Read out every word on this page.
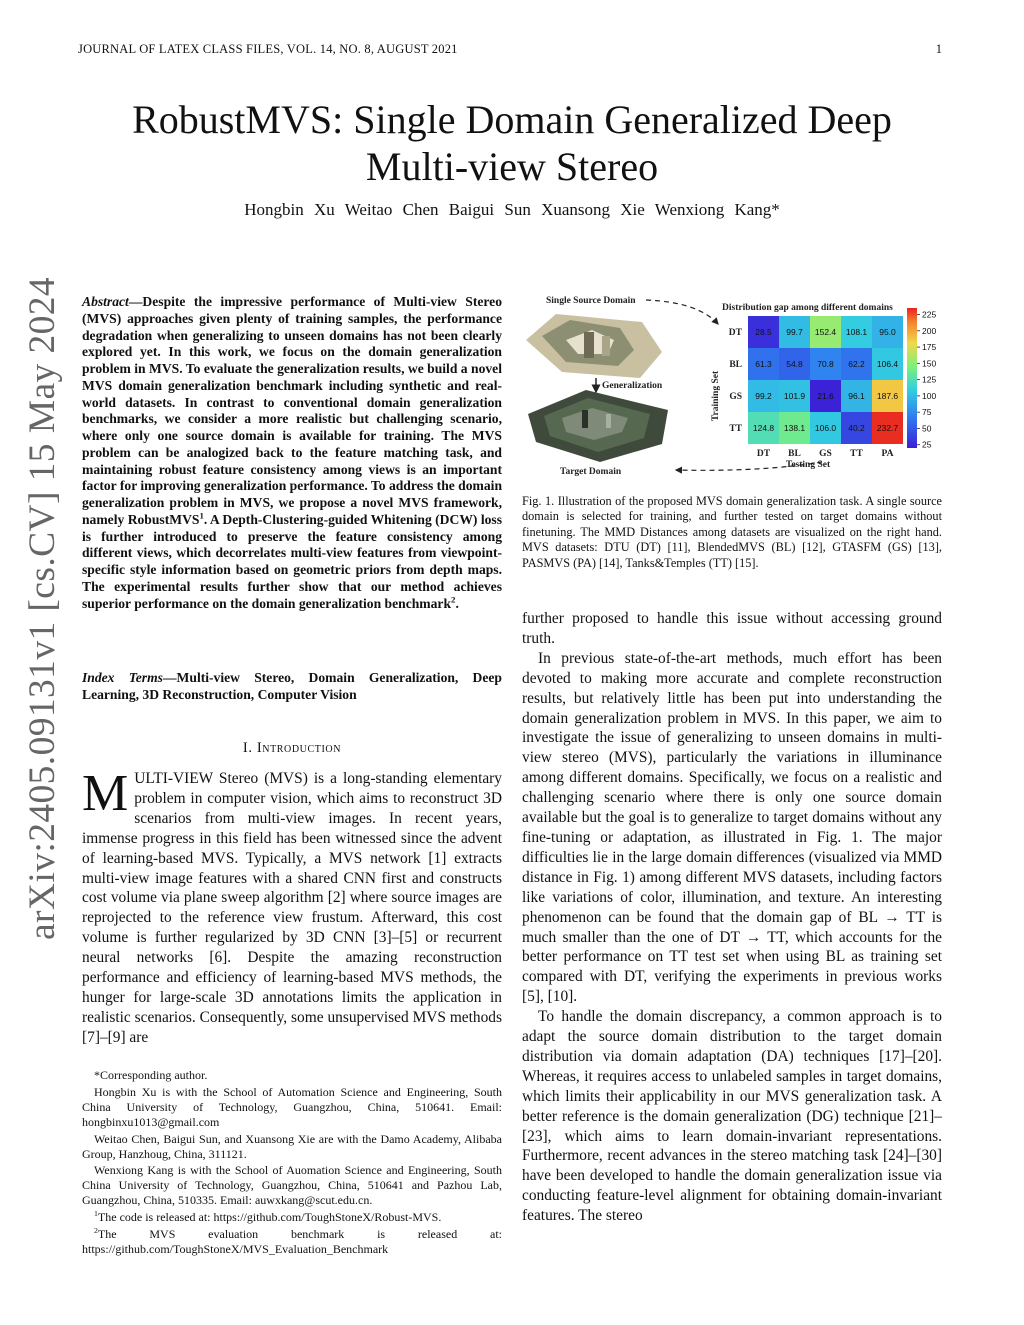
JOURNAL OF LATEX CLASS FILES, VOL. 14, NO. 8, AUGUST 2021	1
RobustMVS: Single Domain Generalized Deep
Multi-view Stereo
Hongbin Xu Weitao Chen Baigui Sun Xuansong Xie Wenxiong Kang*
arXiv:2405.09131v1 [cs.CV] 15 May 2024 Abstract—Despite the impressive performance of Multi-view Stereo (MVS) approaches given plenty of training samples, the performance degradation when generalizing to unseen domains has not been clearly explored yet. In this work, we focus on the domain generalization problem in MVS. To evaluate the generalization results, we build a novel MVS domain generalization benchmark including synthetic and real-world datasets. In contrast to conventional domain generalization benchmarks, we consider a more realistic but challenging scenario, where only one source domain is available for training. The MVS problem can be analogized back to the feature matching task, and maintaining robust feature consistency among views is an important factor for improving generalization performance. To address the domain generalization problem in MVS, we propose a novel MVS framework, namely RobustMVS$^1$. A Depth-Clustering-guided Whitening (DCW) loss is further introduced to preserve the feature consistency among different views, which decorrelates multi-view features from viewpoint-specific style information based on geometric priors from depth maps. The experimental results further show that our method achieves superior performance on the domain generalization benchmark$^2$.
Index Terms—Multi-view Stereo, Domain Generalization, Deep Learning, 3D Reconstruction, Computer Vision
I. Introduction
MULTI-VIEW Stereo (MVS) is a long-standing elementary problem in computer vision, which aims to reconstruct 3D scenarios from multi-view images. In recent years, immense progress in this field has been witnessed since the advent of learning-based MVS. Typically, a MVS network [1] extracts multi-view image features with a shared CNN first and constructs cost volume via plane sweep algorithm [2] where source images are reprojected to the reference view frustum. Afterward, this cost volume is further regularized by 3D CNN [3]–[5] or recurrent neural networks [6]. Despite the amazing reconstruction performance and efficiency of learning-based MVS methods, the hunger for large-scale 3D annotations limits the application in realistic scenarios. Consequently, some unsupervised MVS methods [7]–[9] are

*Corresponding author.

Hongbin Xu is with the School of Automation Science and Engineering, South China University of Technology, Guangzhou, China, 510641. Email: hongbinxu1013@gmail.com

Weitao Chen, Baigui Sun, and Xuansong Xie are with the Damo Academy, Alibaba Group, Hanzhoug, China, 311121.

Wenxiong Kang is with the School of Auomation Science and Engineering, South China University of Technology, Guangzhou, China, 510641 and Pazhou Lab, Guangzhou, China, 510335. Email: auwxkang@scut.edu.cn.

$^1$The code is released at: https://github.com/ToughStoneX/Robust-MVS.

$^2$The MVS evaluation benchmark is released at: https://github.com/ToughStoneX/MVS_Evaluation_Benchmark

Single Source Domain
Generalization
Target Domain
Distribution gap among different domains
Training Set
DT 28.5 99.7 152.4 108.1 95.0
BL 61.3 54.8 70.8 62.2 106.4
GS 99.2 101.9 21.6 96.1 187.6
TT 124.8 138.1 106.0 40.2 232.7
DT BL GS TT PA
Testing Set
225
200
175
150
125
100
75
50
25
Fig. 1. Illustration of the proposed MVS domain generalization task. A single source domain is selected for training, and further tested on target domains without finetuning. The MMD Distances among datasets are visualized on the right hand. MVS datasets: DTU (DT) [11], BlendedMVS (BL) [12], GTASFM (GS) [13], PASMVS (PA) [14], Tanks&Temples (TT) [15].

further proposed to handle this issue without accessing ground truth.

In previous state-of-the-art methods, much effort has been devoted to making more accurate and complete reconstruction results, but relatively little has been put into understanding the domain generalization problem in MVS. In this paper, we aim to investigate the issue of generalizing to unseen domains in multi-view stereo (MVS), particularly the variations in illuminance among different domains. Specifically, we focus on a realistic and challenging scenario where there is only one source domain available but the goal is to generalize to target domains without any fine-tuning or adaptation, as illustrated in Fig. 1. The major difficulties lie in the large domain differences (visualized via MMD distance in Fig. 1) among different MVS datasets, including factors like variations of color, illumination, and texture. An interesting phenomenon can be found that the domain gap of BL → TT is much smaller than the one of DT → TT, which accounts for the better performance on TT test set when using BL as training set compared with DT, verifying the experiments in previous works [5], [10].

To handle the domain discrepancy, a common approach is to adapt the source domain distribution to the target domain distribution via domain adaptation (DA) techniques [17]–[20]. Whereas, it requires access to unlabeled samples in target domains, which limits their applicability in our MVS generalization task. A better reference is the domain generalization (DG) technique [21]–[23], which aims to learn domain-invariant representations. Furthermore, recent advances in the stereo matching task [24]–[30] have been developed to handle the domain generalization issue via conducting feature-level alignment for obtaining domain-invariant features. The stereo
